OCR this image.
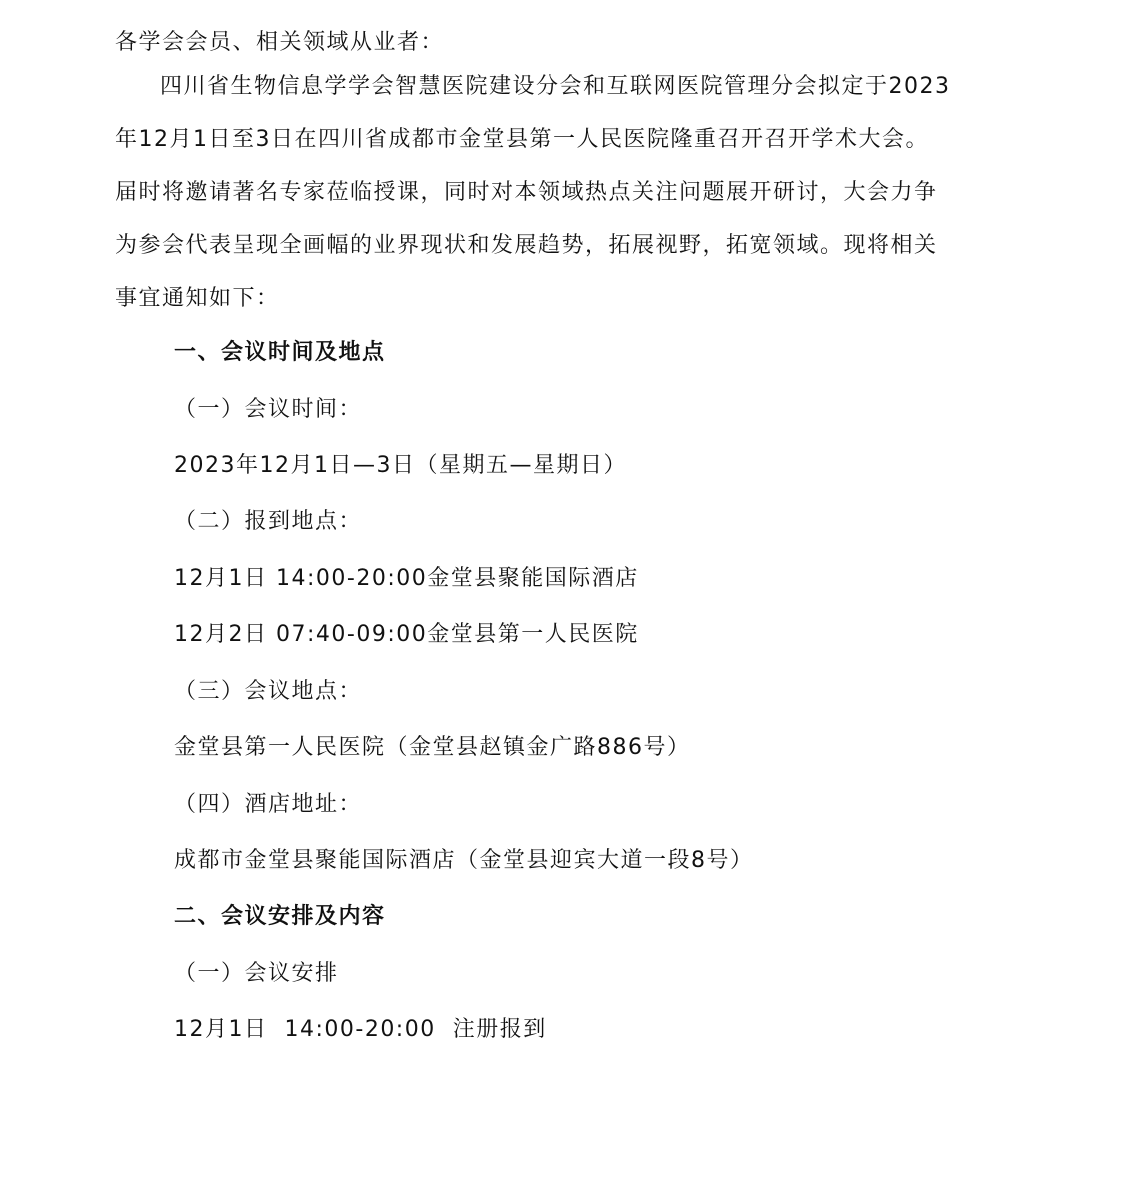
各学会会员、相关领域从业者：
四川省生物信息学学会智慧医院建设分会和互联网医院管理分会拟定于2023
年12月1日至3日在四川省成都市金堂县第一人民医院隆重召开召开学术大会。
届时将邀请著名专家莅临授课，同时对本领域热点关注问题展开研讨，大会力争
为参会代表呈现全画幅的业界现状和发展趋势，拓展视野，拓宽领域。现将相关
事宜通知如下：
一、会议时间及地点
（一）会议时间：
2023年12月1日—3日（星期五—星期日）
（二）报到地点：
12月1日 14:00-20:00金堂县聚能国际酒店
12月2日 07:40-09:00金堂县第一人民医院
（三）会议地点：
金堂县第一人民医院（金堂县赵镇金广路886号）
（四）酒店地址：
成都市金堂县聚能国际酒店（金堂县迎宾大道一段8号）
二、会议安排及内容
（一）会议安排
12月1日  14:00-20:00  注册报到
